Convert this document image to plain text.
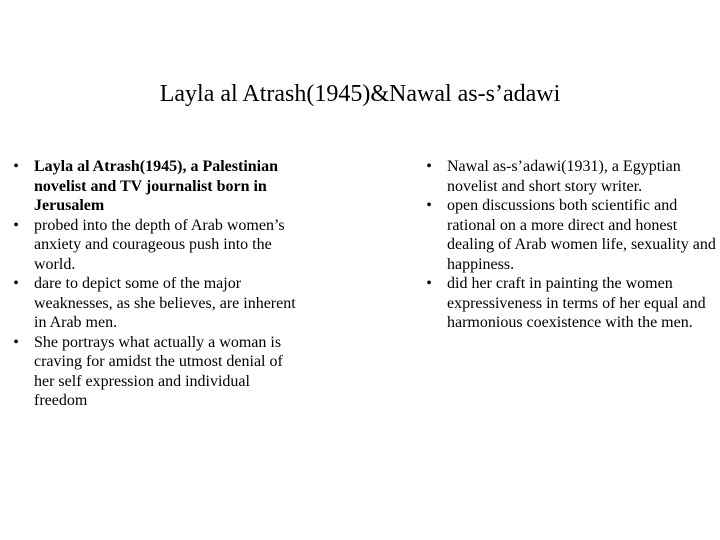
Layla al Atrash(1945)&Nawal as-s’adawi
• Layla al Atrash(1945), a Palestinian novelist and TV journalist born in Jerusalem
• probed into the depth of Arab women’s anxiety and courageous push into the world.
• dare to depict some of the major weaknesses, as she believes, are inherent in Arab men.
• She portrays what actually a woman is craving for amidst the utmost denial of her self expression and individual freedom
• Nawal as-s’adawi(1931), a Egyptian novelist and short story writer.
• open discussions both scientific and rational on a more direct and honest dealing of Arab women life, sexuality and happiness.
• did her craft in painting the women expressiveness in terms of her equal and harmonious coexistence with the men.
